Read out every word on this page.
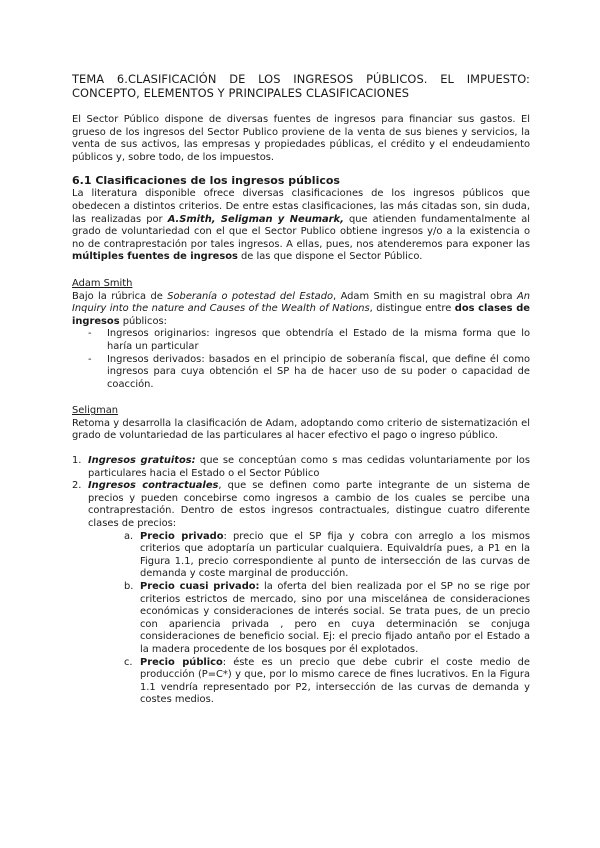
TEMA 6.CLASIFICACIÓN DE LOS INGRESOS PÚBLICOS. EL IMPUESTO: CONCEPTO, ELEMENTOS Y PRINCIPALES CLASIFICACIONES

El Sector Público dispone de diversas fuentes de ingresos para financiar sus gastos. El grueso de los ingresos del Sector Publico proviene de la venta de sus bienes y servicios, la venta de sus activos, las empresas y propiedades públicas, el crédito y el endeudamiento públicos y, sobre todo, de los impuestos.

6.1 Clasificaciones de los ingresos públicos

La literatura disponible ofrece diversas clasificaciones de los ingresos públicos que obedecen a distintos criterios. De entre estas clasificaciones, las más citadas son, sin duda, las realizadas por A.Smith, Seligman y Neumark, que atienden fundamentalmente al grado de voluntariedad con el que el Sector Publico obtiene ingresos y/o a la existencia o no de contraprestación por tales ingresos. A ellas, pues, nos atenderemos para exponer las múltiples fuentes de ingresos de las que dispone el Sector Público.

Adam Smith

Bajo la rúbrica de Soberanía o potestad del Estado, Adam Smith en su magistral obra An Inquiry into the nature and Causes of the Wealth of Nations, distingue entre dos clases de ingresos públicos:

- Ingresos originarios: ingresos que obtendría el Estado de la misma forma que lo haría un particular
- Ingresos derivados: basados en el principio de soberanía fiscal, que define él como ingresos para cuya obtención el SP ha de hacer uso de su poder o capacidad de coacción.

Seligman

Retoma y desarrolla la clasificación de Adam, adoptando como criterio de sistematización el grado de voluntariedad de las particulares al hacer efectivo el pago o ingreso público.

1. Ingresos gratuitos: que se conceptúan como s mas cedidas voluntariamente por los particulares hacia el Estado o el Sector Público
2. Ingresos contractuales, que se definen como parte integrante de un sistema de precios y pueden concebirse como ingresos a cambio de los cuales se percibe una contraprestación. Dentro de estos ingresos contractuales, distingue cuatro diferente clases de precios:
a. Precio privado: precio que el SP fija y cobra con arreglo a los mismos criterios que adoptaría un particular cualquiera. Equivaldría pues, a P1 en la Figura 1.1, precio correspondiente al punto de intersección de las curvas de demanda y coste marginal de producción.
b. Precio cuasi privado: la oferta del bien realizada por el SP no se rige por criterios estrictos de mercado, sino por una miscelánea de consideraciones económicas y consideraciones de interés social. Se trata pues, de un precio con apariencia privada , pero en cuya determinación se conjuga consideraciones de beneficio social. Ej: el precio fijado antaño por el Estado a la madera procedente de los bosques por él explotados.
c. Precio público: éste es un precio que debe cubrir el coste medio de producción (P=C*) y que, por lo mismo carece de fines lucrativos. En la Figura 1.1 vendría representado por P2, intersección de las curvas de demanda y costes medios.
